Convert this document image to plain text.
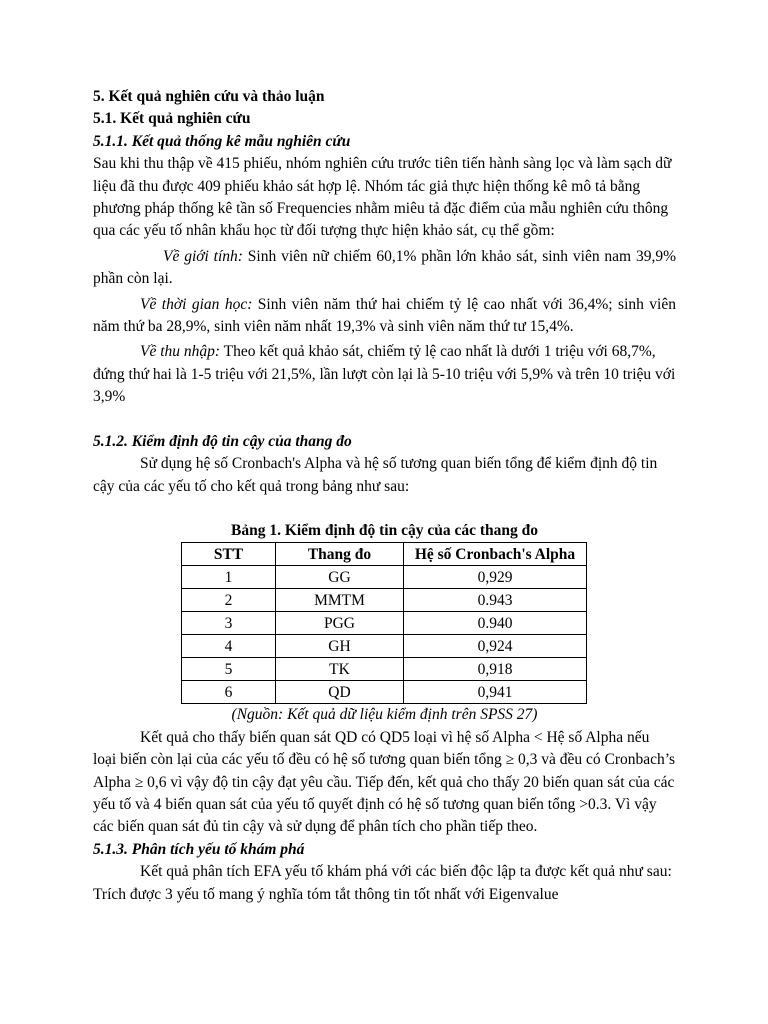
5. Kết quả nghiên cứu và thảo luận
5.1. Kết quả nghiên cứu
5.1.1. Kết quả thống kê mẫu nghiên cứu

Sau khi thu thập về 415 phiếu, nhóm nghiên cứu trước tiên tiến hành sàng lọc và làm sạch dữ liệu đã thu được 409 phiếu khảo sát hợp lệ. Nhóm tác giả thực hiện thống kê mô tả bằng phương pháp thống kê tần số Frequencies nhằm miêu tả đặc điểm của mẫu nghiên cứu thông qua các yếu tố nhân khẩu học từ đối tượng thực hiện khảo sát, cụ thể gồm:

Về giới tính: Sinh viên nữ chiếm 60,1% phần lớn khảo sát, sinh viên nam 39,9% phần còn lại.

Về thời gian học: Sinh viên năm thứ hai chiếm tỷ lệ cao nhất với 36,4%; sinh viên năm thứ ba 28,9%, sinh viên năm nhất 19,3% và sinh viên năm thứ tư 15,4%.

Về thu nhập: Theo kết quả khảo sát, chiếm tỷ lệ cao nhất là dưới 1 triệu với 68,7%, đứng thứ hai là 1-5 triệu với 21,5%, lần lượt còn lại là 5-10 triệu với 5,9% và trên 10 triệu với 3,9%

5.1.2. Kiểm định độ tin cậy của thang đo

Sử dụng hệ số Cronbach's Alpha và hệ số tương quan biến tổng để kiểm định độ tin cậy của các yếu tố cho kết quả trong bảng như sau:

Bảng 1. Kiểm định độ tin cậy của các thang đo
STT	Thang đo	Hệ số Cronbach's Alpha
1	GG	0,929
2	MMTM	0.943
3	PGG	0.940
4	GH	0,924
5	TK	0,918
6	QD	0,941
(Nguồn: Kết quả dữ liệu kiểm định trên SPSS 27)

Kết quả cho thấy biến quan sát QD có QD5 loại vì hệ số Alpha < Hệ số Alpha nếu loại biến còn lại của các yếu tố đều có hệ số tương quan biến tổng ≥ 0,3 và đều có Cronbach’s Alpha ≥ 0,6 vì vậy độ tin cậy đạt yêu cầu. Tiếp đến, kết quả cho thấy 20 biến quan sát của các yếu tố và 4 biến quan sát của yếu tố quyết định có hệ số tương quan biến tổng >0.3. Vì vậy các biến quan sát đủ tin cậy và sử dụng để phân tích cho phần tiếp theo.

5.1.3. Phân tích yếu tố khám phá

Kết quả phân tích EFA yếu tố khám phá với các biến độc lập ta được kết quả như sau: Trích được 3 yếu tố mang ý nghĩa tóm tắt thông tin tốt nhất với Eigenvalue
